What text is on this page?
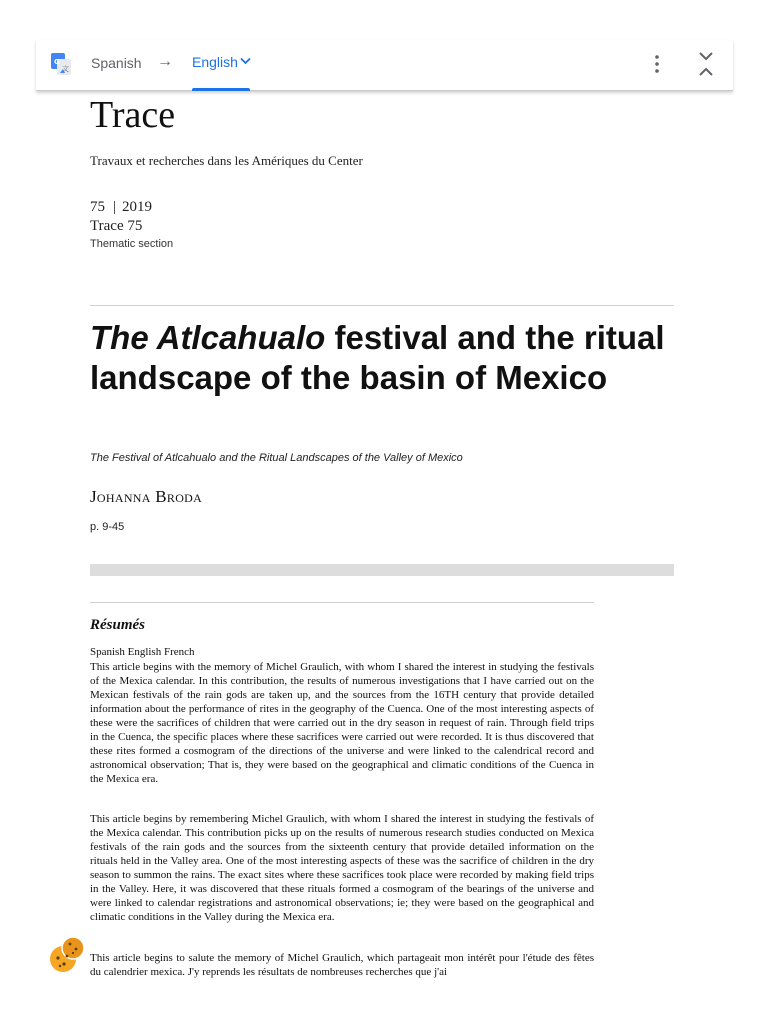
G
文 Spanish → English
Trace
Travaux et recherches dans les Amériques du Center
75 | 2019
Trace 75
Thematic section
The Atlcahualo festival and the ritual landscape of the basin of Mexico
The Festival of Atlcahualo and the Ritual Landscapes of the Valley of Mexico
Johanna Broda
p. 9-45
Résumés
Spanish English French

This article begins with the memory of Michel Graulich, with whom I shared the interest in studying the festivals of the Mexica calendar. In this contribution, the results of numerous investigations that I have carried out on the Mexican festivals of the rain gods are taken up, and the sources from the 16TH century that provide detailed information about the performance of rites in the geography of the Cuenca. One of the most interesting aspects of these were the sacrifices of children that were carried out in the dry season in request of rain. Through field trips in the Cuenca, the specific places where these sacrifices were carried out were recorded. It is thus discovered that these rites formed a cosmogram of the directions of the universe and were linked to the calendrical record and astronomical observation; That is, they were based on the geographical and climatic conditions of the Cuenca in the Mexica era.

This article begins by remembering Michel Graulich, with whom I shared the interest in studying the festivals of the Mexica calendar. This contribution picks up on the results of numerous research studies conducted on Mexica festivals of the rain gods and the sources from the sixteenth century that provide detailed information on the rituals held in the Valley area. One of the most interesting aspects of these was the sacrifice of children in the dry season to summon the rains. The exact sites where these sacrifices took place were recorded by making field trips in the Valley. Here, it was discovered that these rituals formed a cosmogram of the bearings of the universe and were linked to calendar registrations and astronomical observations; ie; they were based on the geographical and climatic conditions in the Valley during the Mexica era.

This article begins to salute the memory of Michel Graulich, which partageait mon intérêt pour l'étude des fêtes du calendrier mexica. J'y reprends les résultats de nombreuses recherches que j'ai
